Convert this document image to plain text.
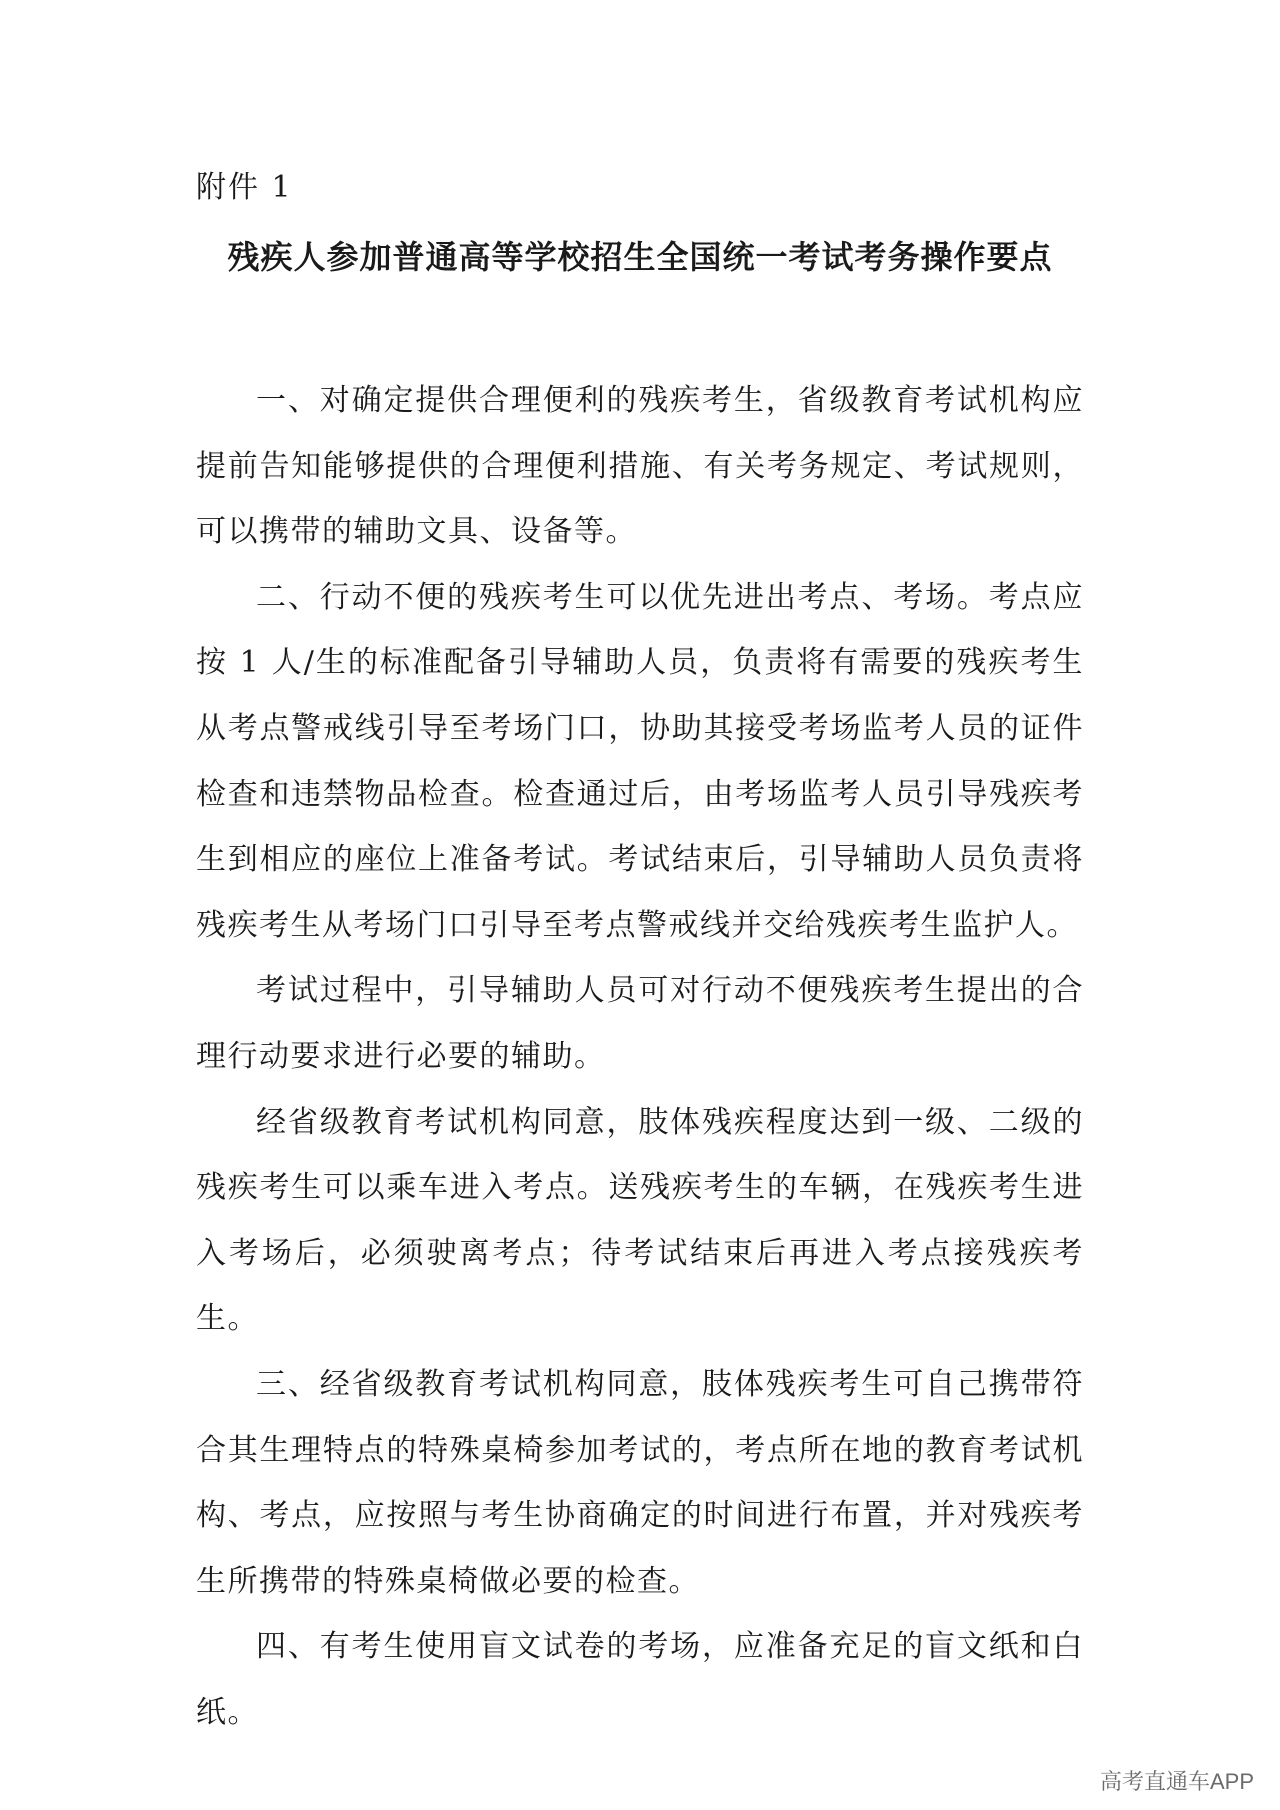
附件 1
残疾人参加普通高等学校招生全国统一考试考务操作要点

一、对确定提供合理便利的残疾考生，省级教育考试机构应提前告知能够提供的合理便利措施、有关考务规定、考试规则，可以携带的辅助文具、设备等。

二、行动不便的残疾考生可以优先进出考点、考场。考点应按 1 人/生的标准配备引导辅助人员，负责将有需要的残疾考生从考点警戒线引导至考场门口，协助其接受考场监考人员的证件检查和违禁物品检查。检查通过后，由考场监考人员引导残疾考生到相应的座位上准备考试。考试结束后，引导辅助人员负责将残疾考生从考场门口引导至考点警戒线并交给残疾考生监护人。

考试过程中，引导辅助人员可对行动不便残疾考生提出的合理行动要求进行必要的辅助。

经省级教育考试机构同意，肢体残疾程度达到一级、二级的残疾考生可以乘车进入考点。送残疾考生的车辆，在残疾考生进入考场后，必须驶离考点；待考试结束后再进入考点接残疾考生。

三、经省级教育考试机构同意，肢体残疾考生可自己携带符合其生理特点的特殊桌椅参加考试的，考点所在地的教育考试机构、考点，应按照与考生协商确定的时间进行布置，并对残疾考生所携带的特殊桌椅做必要的检查。

四、有考生使用盲文试卷的考场，应准备充足的盲文纸和白纸。

高考直通车APP
